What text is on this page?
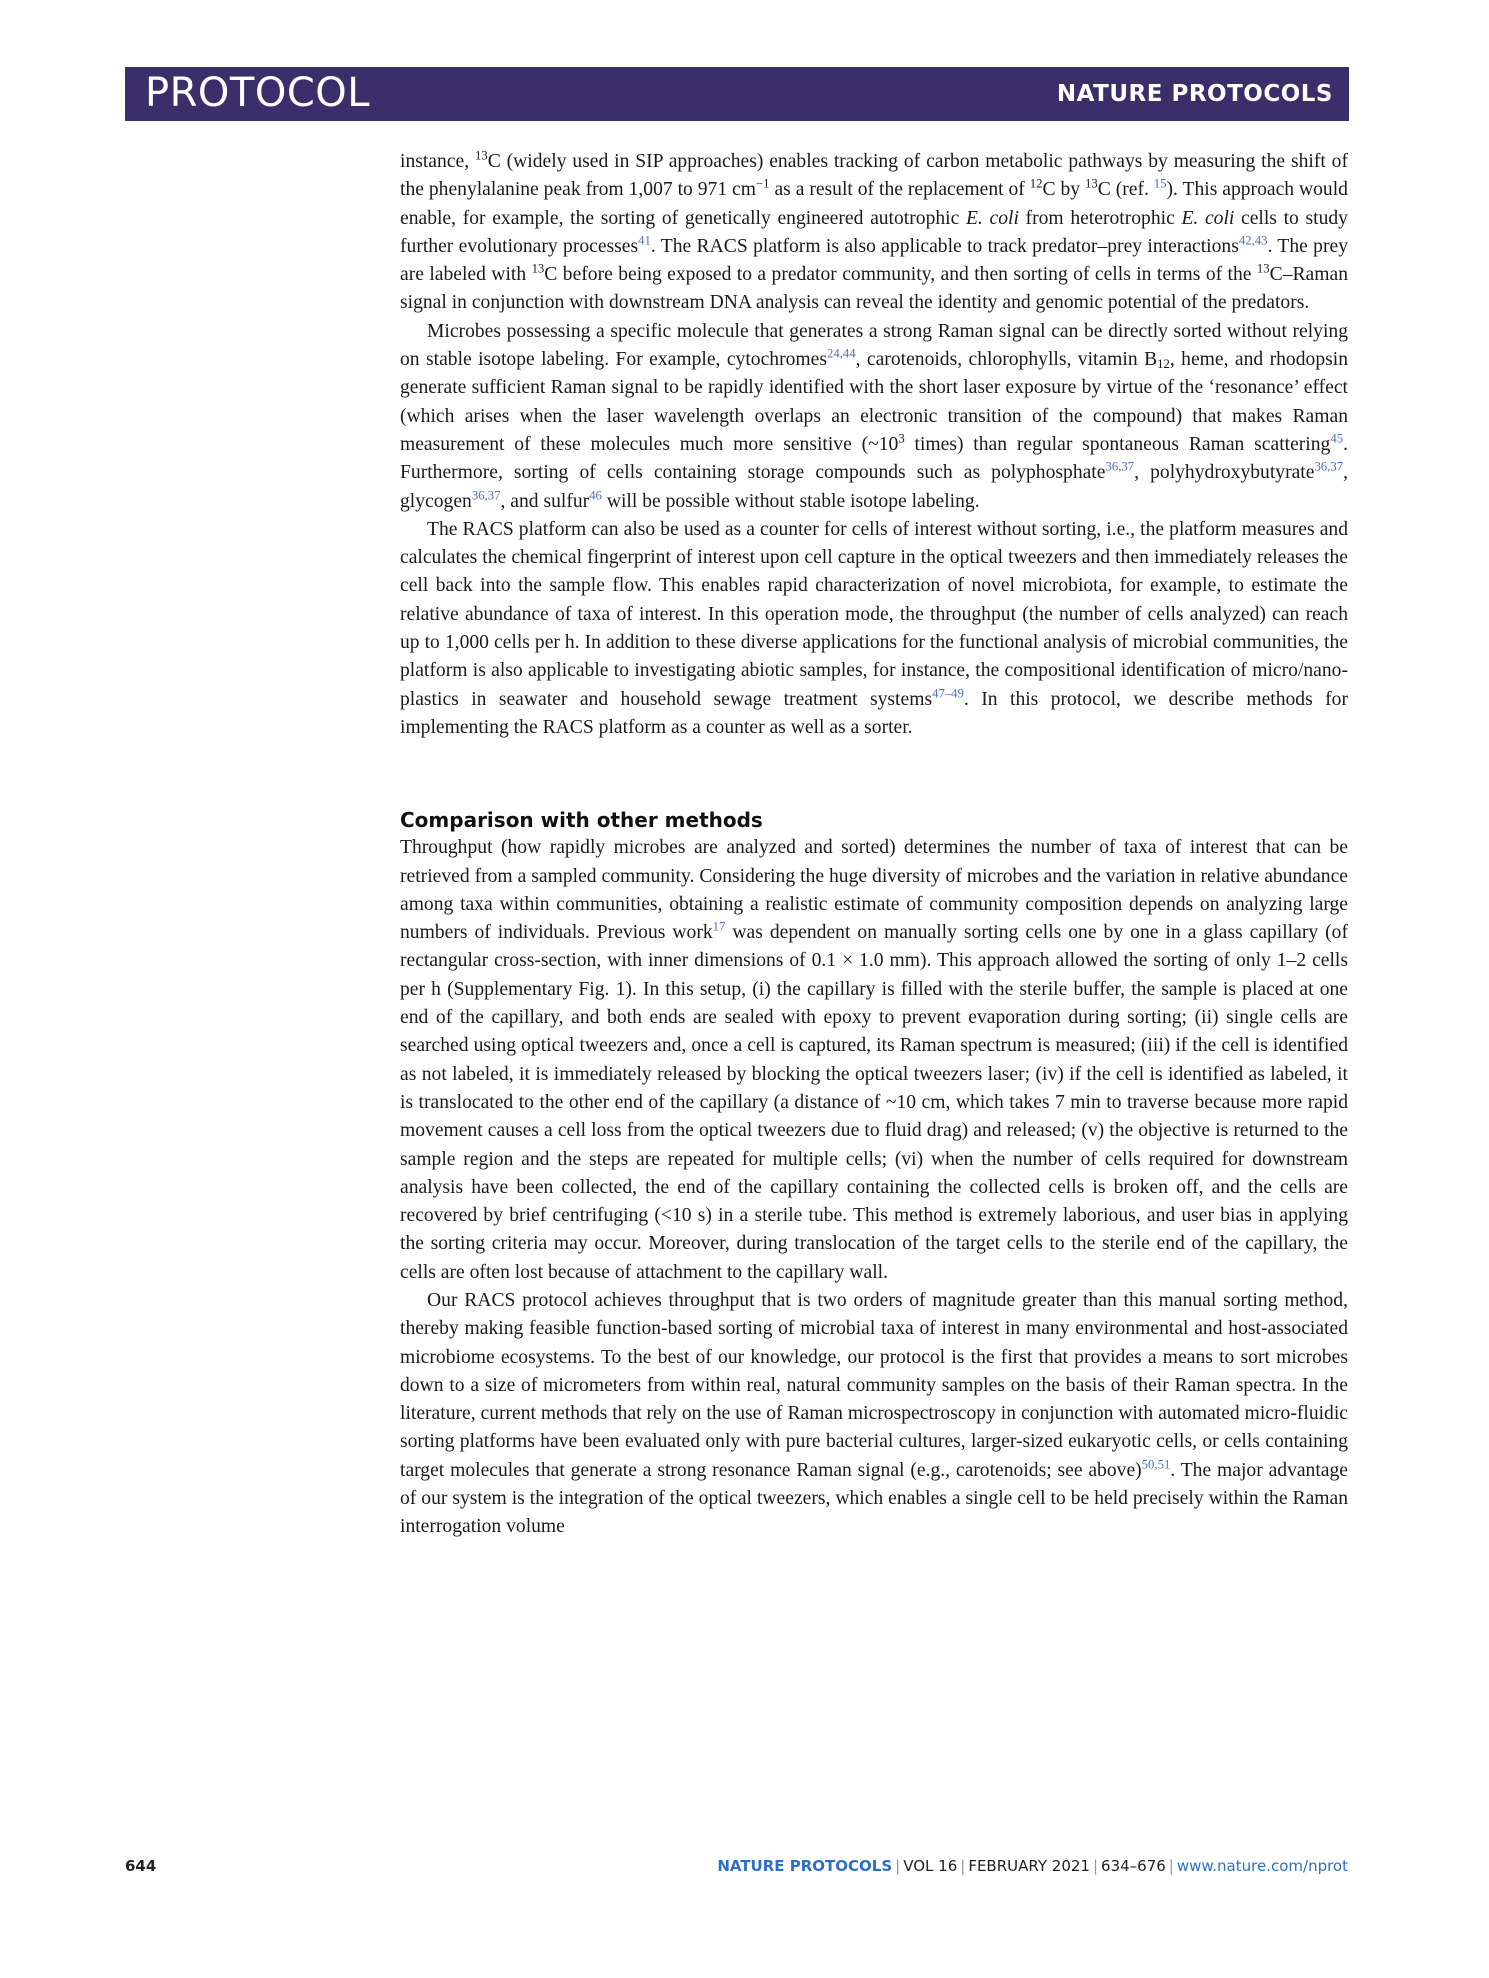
PROTOCOL	NATURE PROTOCOLS

instance, $^{13}$C (widely used in SIP approaches) enables tracking of carbon metabolic pathways by measuring the shift of the phenylalanine peak from 1,007 to 971 $cm^{-1}$ as a result of the replacement of $^{12}$C by $^{13}$C (ref. $^{15}$). This approach would enable, for example, the sorting of genetically engineered autotrophic E. coli from heterotrophic E. coli cells to study further evolutionary processes$^{41}$. The RACS platform is also applicable to track predator–prey interactions$^{42,43}$. The prey are labeled with $^{13}$C before being exposed to a predator community, and then sorting of cells in terms of the $^{13}$C–Raman signal in conjunction with downstream DNA analysis can reveal the identity and genomic potential of the predators.

Microbes possessing a specific molecule that generates a strong Raman signal can be directly sorted without relying on stable isotope labeling. For example, cytochromes$^{24,44}$, carotenoids, chlorophylls, vitamin $B_{12}$, heme, and rhodopsin generate sufficient Raman signal to be rapidly identified with the short laser exposure by virtue of the ‘resonance’ effect (which arises when the laser wavelength overlaps an electronic transition of the compound) that makes Raman measurement of these molecules much more sensitive ($\sim 10^3$ times) than regular spontaneous Raman scattering$^{45}$. Furthermore, sorting of cells containing storage compounds such as polyphosphate$^{36,37}$, polyhydroxybutyrate$^{36,37}$, glycogen$^{36,37}$, and sulfur$^{46}$ will be possible without stable isotope labeling.

The RACS platform can also be used as a counter for cells of interest without sorting, i.e., the platform measures and calculates the chemical fingerprint of interest upon cell capture in the optical tweezers and then immediately releases the cell back into the sample flow. This enables rapid characterization of novel microbiota, for example, to estimate the relative abundance of taxa of interest. In this operation mode, the throughput (the number of cells analyzed) can reach up to 1,000 cells per h. In addition to these diverse applications for the functional analysis of microbial communities, the platform is also applicable to investigating abiotic samples, for instance, the compositional identification of micro/nano-plastics in seawater and household sewage treatment systems$^{47-49}$. In this protocol, we describe methods for implementing the RACS platform as a counter as well as a sorter.

Comparison with other methods

Throughput (how rapidly microbes are analyzed and sorted) determines the number of taxa of interest that can be retrieved from a sampled community. Considering the huge diversity of microbes and the variation in relative abundance among taxa within communities, obtaining a realistic estimate of community composition depends on analyzing large numbers of individuals. Previous work$^{17}$ was dependent on manually sorting cells one by one in a glass capillary (of rectangular cross-section, with inner dimensions of 0.1 × 1.0 mm). This approach allowed the sorting of only 1–2 cells per h (Supplementary Fig. 1). In this setup, (i) the capillary is filled with the sterile buffer, the sample is placed at one end of the capillary, and both ends are sealed with epoxy to prevent evaporation during sorting; (ii) single cells are searched using optical tweezers and, once a cell is captured, its Raman spectrum is measured; (iii) if the cell is identified as not labeled, it is immediately released by blocking the optical tweezers laser; (iv) if the cell is identified as labeled, it is translocated to the other end of the capillary (a distance of ~10 cm, which takes 7 min to traverse because more rapid movement causes a cell loss from the optical tweezers due to fluid drag) and released; (v) the objective is returned to the sample region and the steps are repeated for multiple cells; (vi) when the number of cells required for downstream analysis have been collected, the end of the capillary containing the collected cells is broken off, and the cells are recovered by brief centrifuging (<10 s) in a sterile tube. This method is extremely laborious, and user bias in applying the sorting criteria may occur. Moreover, during translocation of the target cells to the sterile end of the capillary, the cells are often lost because of attachment to the capillary wall.

Our RACS protocol achieves throughput that is two orders of magnitude greater than this manual sorting method, thereby making feasible function-based sorting of microbial taxa of interest in many environmental and host-associated microbiome ecosystems. To the best of our knowledge, our protocol is the first that provides a means to sort microbes down to a size of micrometers from within real, natural community samples on the basis of their Raman spectra. In the literature, current methods that rely on the use of Raman microspectroscopy in conjunction with automated micro-fluidic sorting platforms have been evaluated only with pure bacterial cultures, larger-sized eukaryotic cells, or cells containing target molecules that generate a strong resonance Raman signal (e.g., carotenoids; see above)$^{50,51}$. The major advantage of our system is the integration of the optical tweezers, which enables a single cell to be held precisely within the Raman interrogation volume

644	NATURE PROTOCOLS | VOL 16 | FEBRUARY 2021 | 634–676 | www.nature.com/nprot
